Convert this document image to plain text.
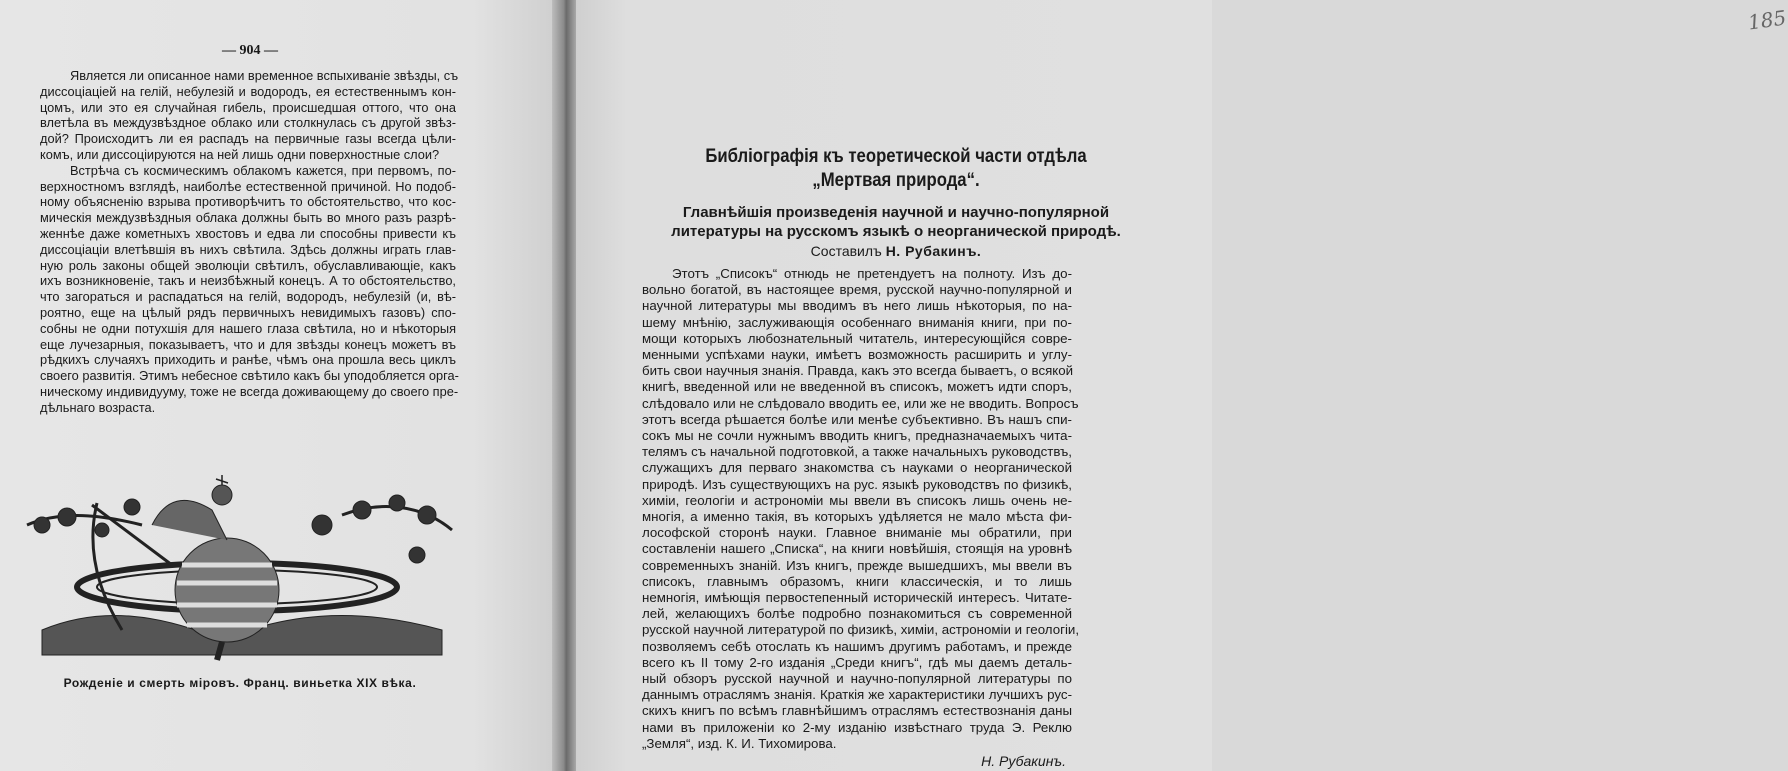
— 904 —
Является ли описанное нами временное вспыхиванiе звѣзды, съ
диссоцiацiей на гелiй, небулезiй и водородъ, ея естественнымъ кон-
цомъ, или это ея случайная гибель, происшедшая оттого, что она
влетѣла въ междузвѣздное облако или столкнулась съ другой звѣз-
дой? Происходитъ ли ея распадъ на первичные газы всегда цѣли-
комъ, или диссоцiируются на ней лишь одни поверхностные слои?
Встрѣча съ космическимъ облакомъ кажется, при первомъ, по-
верхностномъ взглядѣ, наиболѣе естественной причиной. Но подоб-
ному объясненiю взрыва противорѣчитъ то обстоятельство, что кос-
мическiя междузвѣздныя облака должны быть во много разъ разрѣ-
женнѣе даже кометныхъ хвостовъ и едва ли способны привести къ
диссоцiацiи влетѣвшiя въ нихъ свѣтила. Здѣсь должны играть глав-
ную роль законы общей эволюцiи свѣтилъ, обуславливающiе, какъ
ихъ возникновенiе, такъ и неизбѣжный конецъ. А то обстоятельство,
что загораться и распадаться на гелiй, водородъ, небулезiй (и, вѣ-
роятно, еще на цѣлый рядъ первичныхъ невидимыхъ газовъ) спо-
собны не одни потухшiя для нашего глаза свѣтила, но и нѣкоторыя
еще лучезарныя, показываетъ, что и для звѣзды конецъ можетъ въ
рѣдкихъ случаяхъ приходить и ранѣе, чѣмъ она прошла весь циклъ
своего развитiя. Этимъ небесное свѣтило какъ бы уподобляется орга-
ническому индивидууму, тоже не всегда доживающему до своего пре-
дѣльнаго возраста.
Рожденiе и смерть мiровъ. Франц. виньетка XIX вѣка.
185
Библiографiя къ теоретической части отдѣла
„Мертвая природа“.
Главнѣйшiя произведенiя научной и научно-популярной
литературы на русскомъ языкѣ о неорганической природѣ.
Составилъ Н. Рубакинъ.
Этотъ „Списокъ“ отнюдь не претендуетъ на полноту. Изъ до-
вольно богатой, въ настоящее время, русской научно-популярной и
научной литературы мы вводимъ въ него лишь нѣкоторыя, по на-
шему мнѣнiю, заслуживающiя особеннаго вниманiя книги, при по-
мощи которыхъ любознательный читатель, интересующiйся совре-
менными успѣхами науки, имѣетъ возможность расширить и углу-
бить свои научныя знанiя. Правда, какъ это всегда бываетъ, о всякой
книгѣ, введенной или не введенной въ списокъ, можетъ идти споръ,
слѣдовало или не слѣдовало вводить ее, или же не вводить. Вопросъ
этотъ всегда рѣшается болѣе или менѣе субъективно. Въ нашъ спи-
сокъ мы не сочли нужнымъ вводить книгъ, предназначаемыхъ чита-
телямъ съ начальной подготовкой, а также начальныхъ руководствъ,
служащихъ для перваго знакомства съ науками о неорганической
природѣ. Изъ существующихъ на рус. языкѣ руководствъ по физикѣ,
химiи, геологiи и астрономiи мы ввели въ списокъ лишь очень не-
многiя, а именно такiя, въ которыхъ удѣляется не мало мѣста фи-
лософской сторонѣ науки. Главное вниманiе мы обратили, при
составленiи нашего „Списка“, на книги новѣйшiя, стоящiя на уровнѣ
современныхъ знанiй. Изъ книгъ, прежде вышедшихъ, мы ввели въ
списокъ, главнымъ образомъ, книги классическiя, и то лишь
немногiя, имѣющiя первостепенный историческiй интересъ. Читате-
лей, желающихъ болѣе подробно познакомиться съ современной
русской научной литературой по физикѣ, химiи, астрономiи и геологiи,
позволяемъ себѣ отослать къ нашимъ другимъ работамъ, и прежде
всего къ II тому 2-го изданiя „Среди книгъ“, гдѣ мы даемъ деталь-
ный обзоръ русской научной и научно-популярной литературы по
даннымъ отраслямъ знанiя. Краткiя же характеристики лучшихъ рус-
скихъ книгъ по всѣмъ главнѣйшимъ отраслямъ естествознанiя даны
нами въ приложенiи ко 2-му изданiю извѣстнаго труда Э. Реклю
„Земля“, изд. К. И. Тихомирова.
Н. Рубакинъ.
